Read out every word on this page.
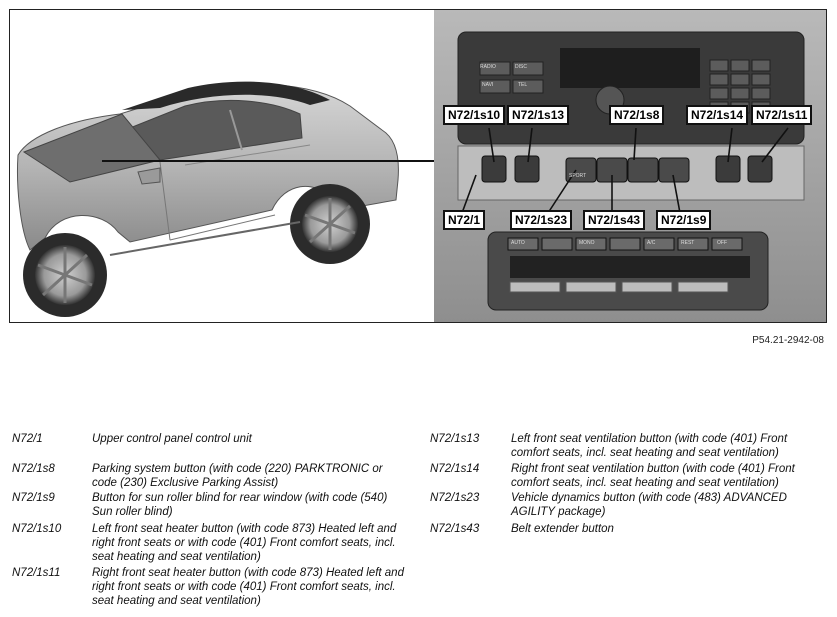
RADIO	DISC
NAVI	TEL
SPORT
AUTO	MONO	A/C	REST	OFF
N72/1s10 N72/1s13	N72/1s8	N72/1s14	N72/1s11
N72/1	N72/1s23	N72/1s43	N72/1s9
P54.21-2942-08
N72/1	Upper control panel control unit
N72/1s8	Parking system button (with code (220) PARKTRONIC or code (230) Exclusive Parking Assist)
N72/1s9	Button for sun roller blind for rear window (with code (540) Sun roller blind)
N72/1s10	Left front seat heater button (with code 873) Heated left and right front seats or with code (401) Front comfort seats, incl. seat heating and seat ventilation)
N72/1s11	Right front seat heater button (with code 873) Heated left and right front seats or with code (401) Front comfort seats, incl. seat heating and seat ventilation)
N72/1s13	Left front seat ventilation button (with code (401) Front comfort seats, incl. seat heating and seat ventilation)
N72/1s14	Right front seat ventilation button (with code (401) Front comfort seats, incl. seat heating and seat ventilation)
N72/1s23	Vehicle dynamics button (with code (483) ADVANCED AGILITY package)
N72/1s43	Belt extender button
